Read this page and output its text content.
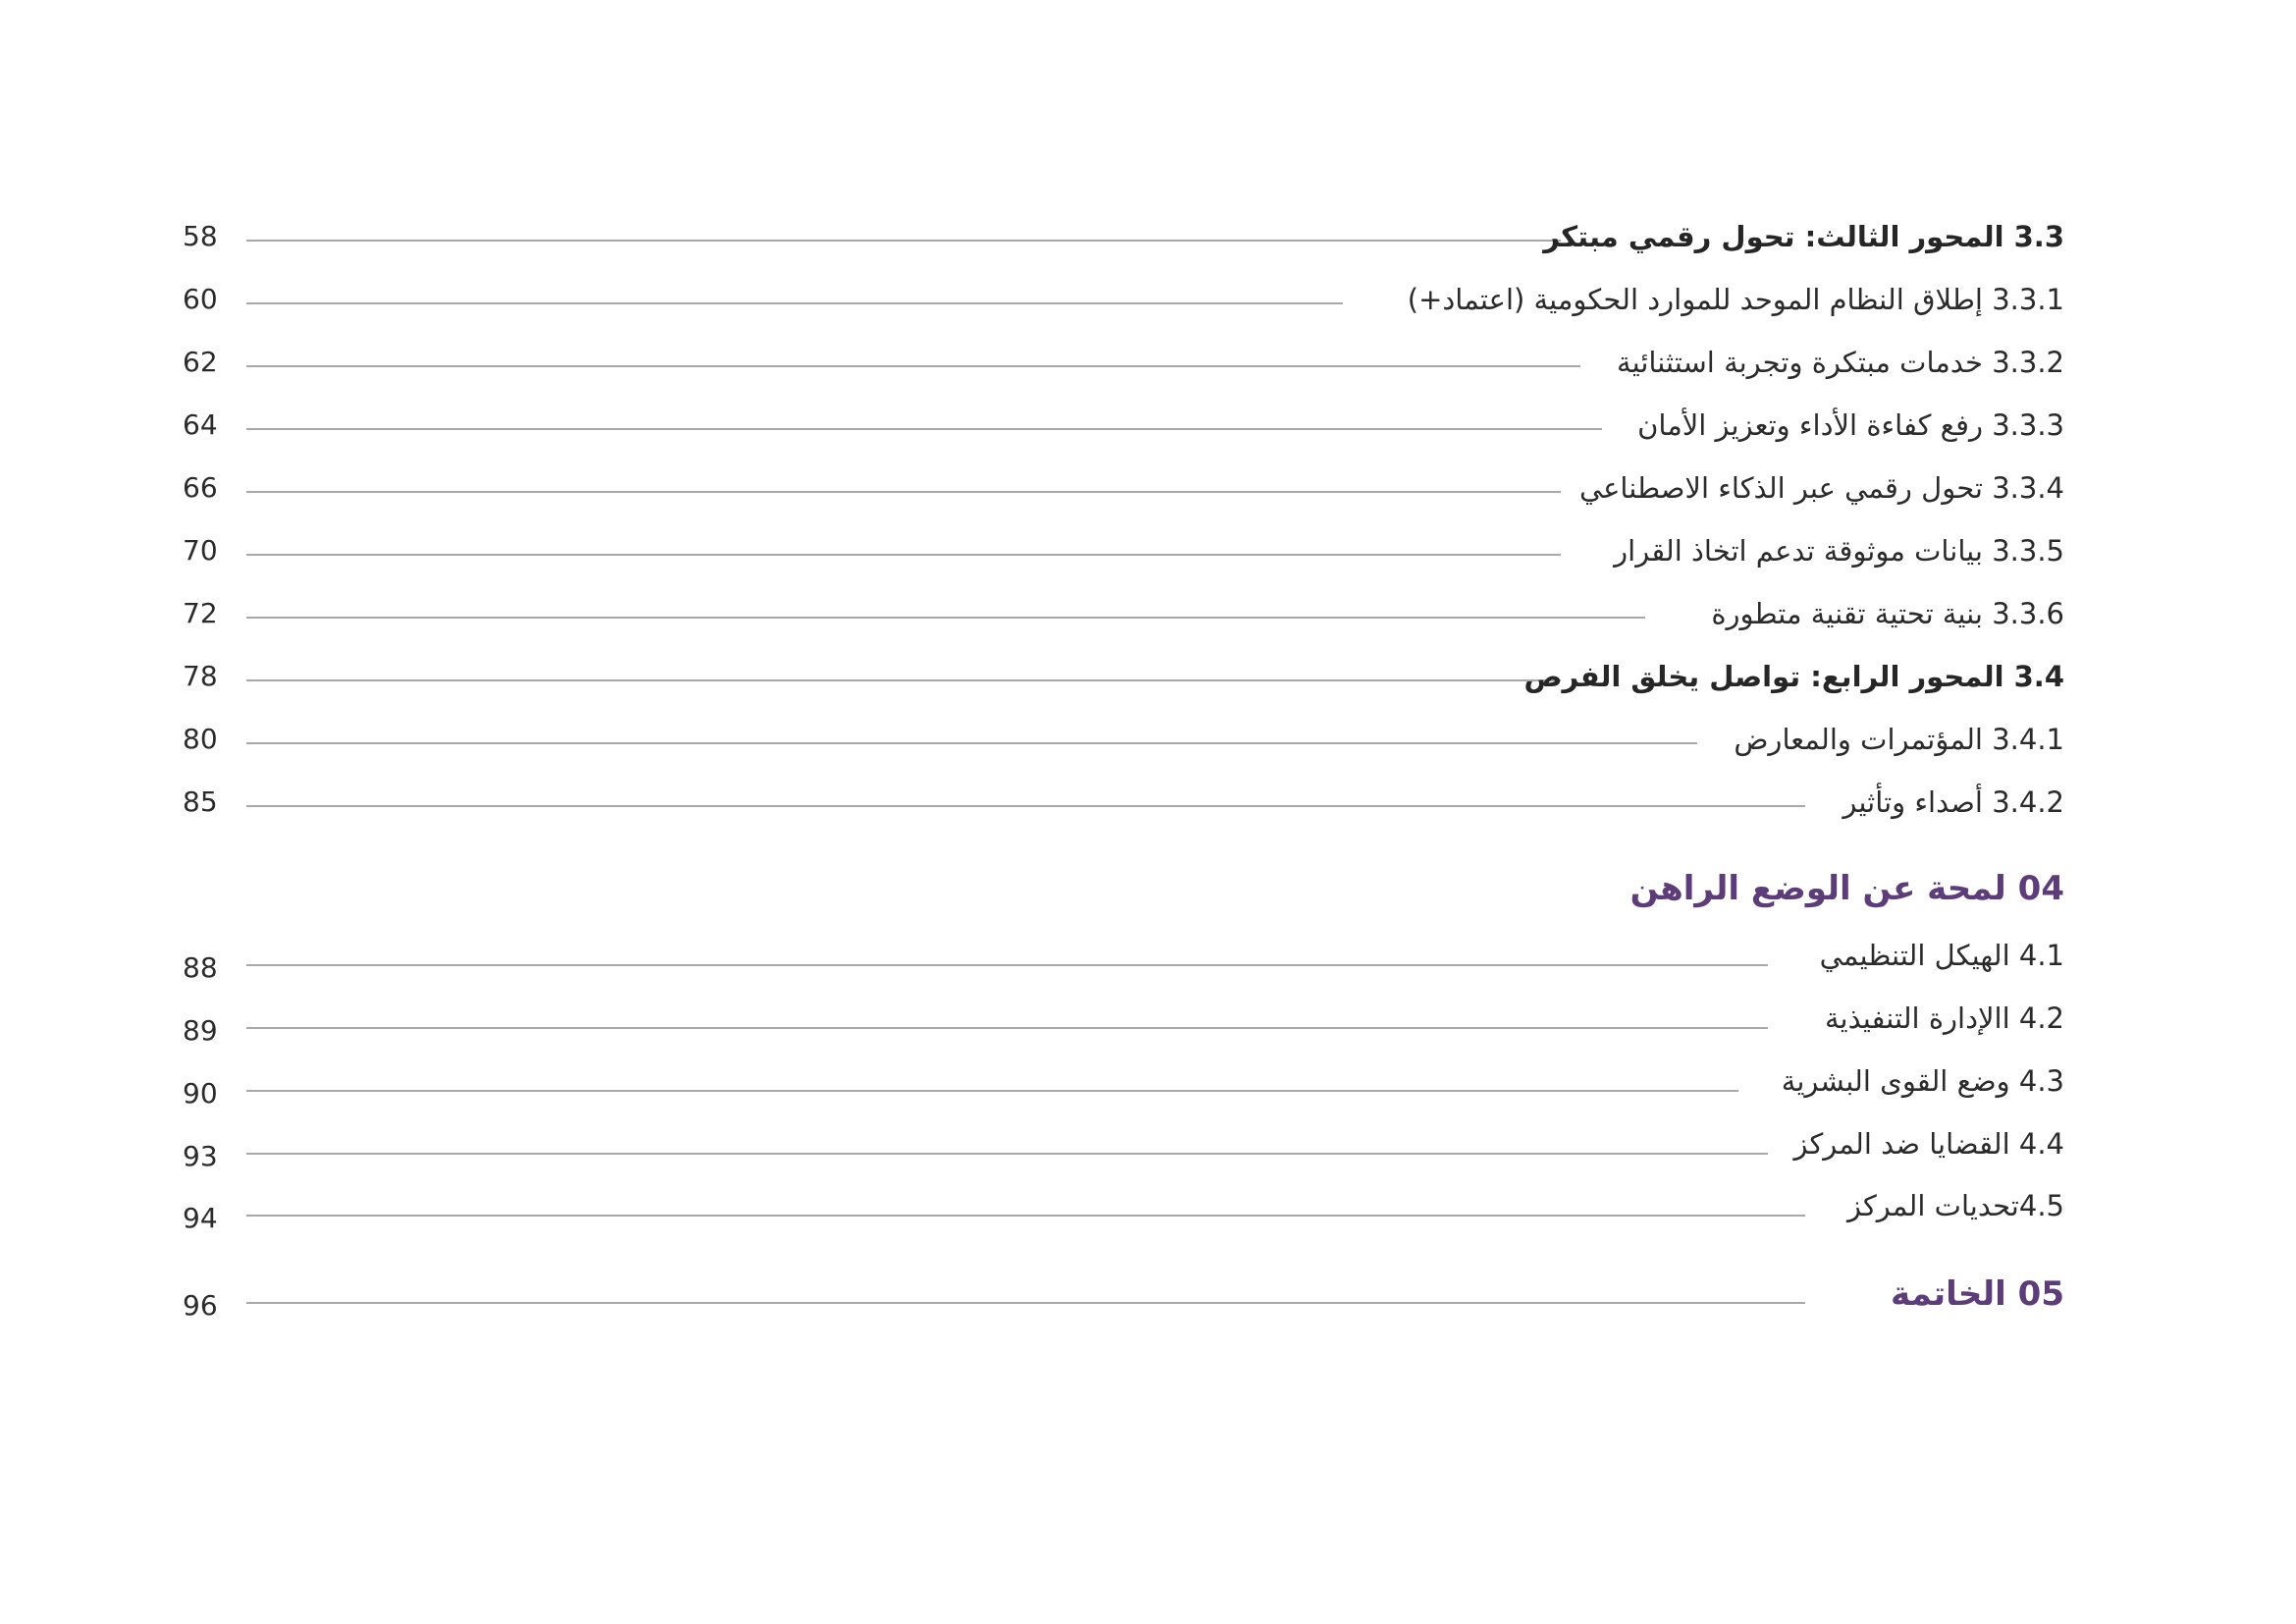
58	3.3 المحور الثالث: تحول رقمي مبتكر
60	3.3.1 إطلاق النظام الموحد للموارد الحكومية (اعتماد+)
62	3.3.2 خدمات مبتكرة وتجربة استثنائية
64	3.3.3 رفع كفاءة الأداء وتعزيز الأمان
66	3.3.4 تحول رقمي عبر الذكاء الاصطناعي
70	3.3.5 بيانات موثوقة تدعم اتخاذ القرار
72	3.3.6 بنية تحتية تقنية متطورة
78	3.4 المحور الرابع: تواصل يخلق الفرص
80	3.4.1 المؤتمرات والمعارض
85	3.4.2 أصداء وتأثير
04 لمحة عن الوضع الراهن
88	4.1 الهيكل التنظيمي
89	4.2 االإدارة التنفيذية
90	4.3 وضع القوى البشرية
93	4.4 القضايا ضد المركز
94	4.5تحديات المركز
96	05 الخاتمة
